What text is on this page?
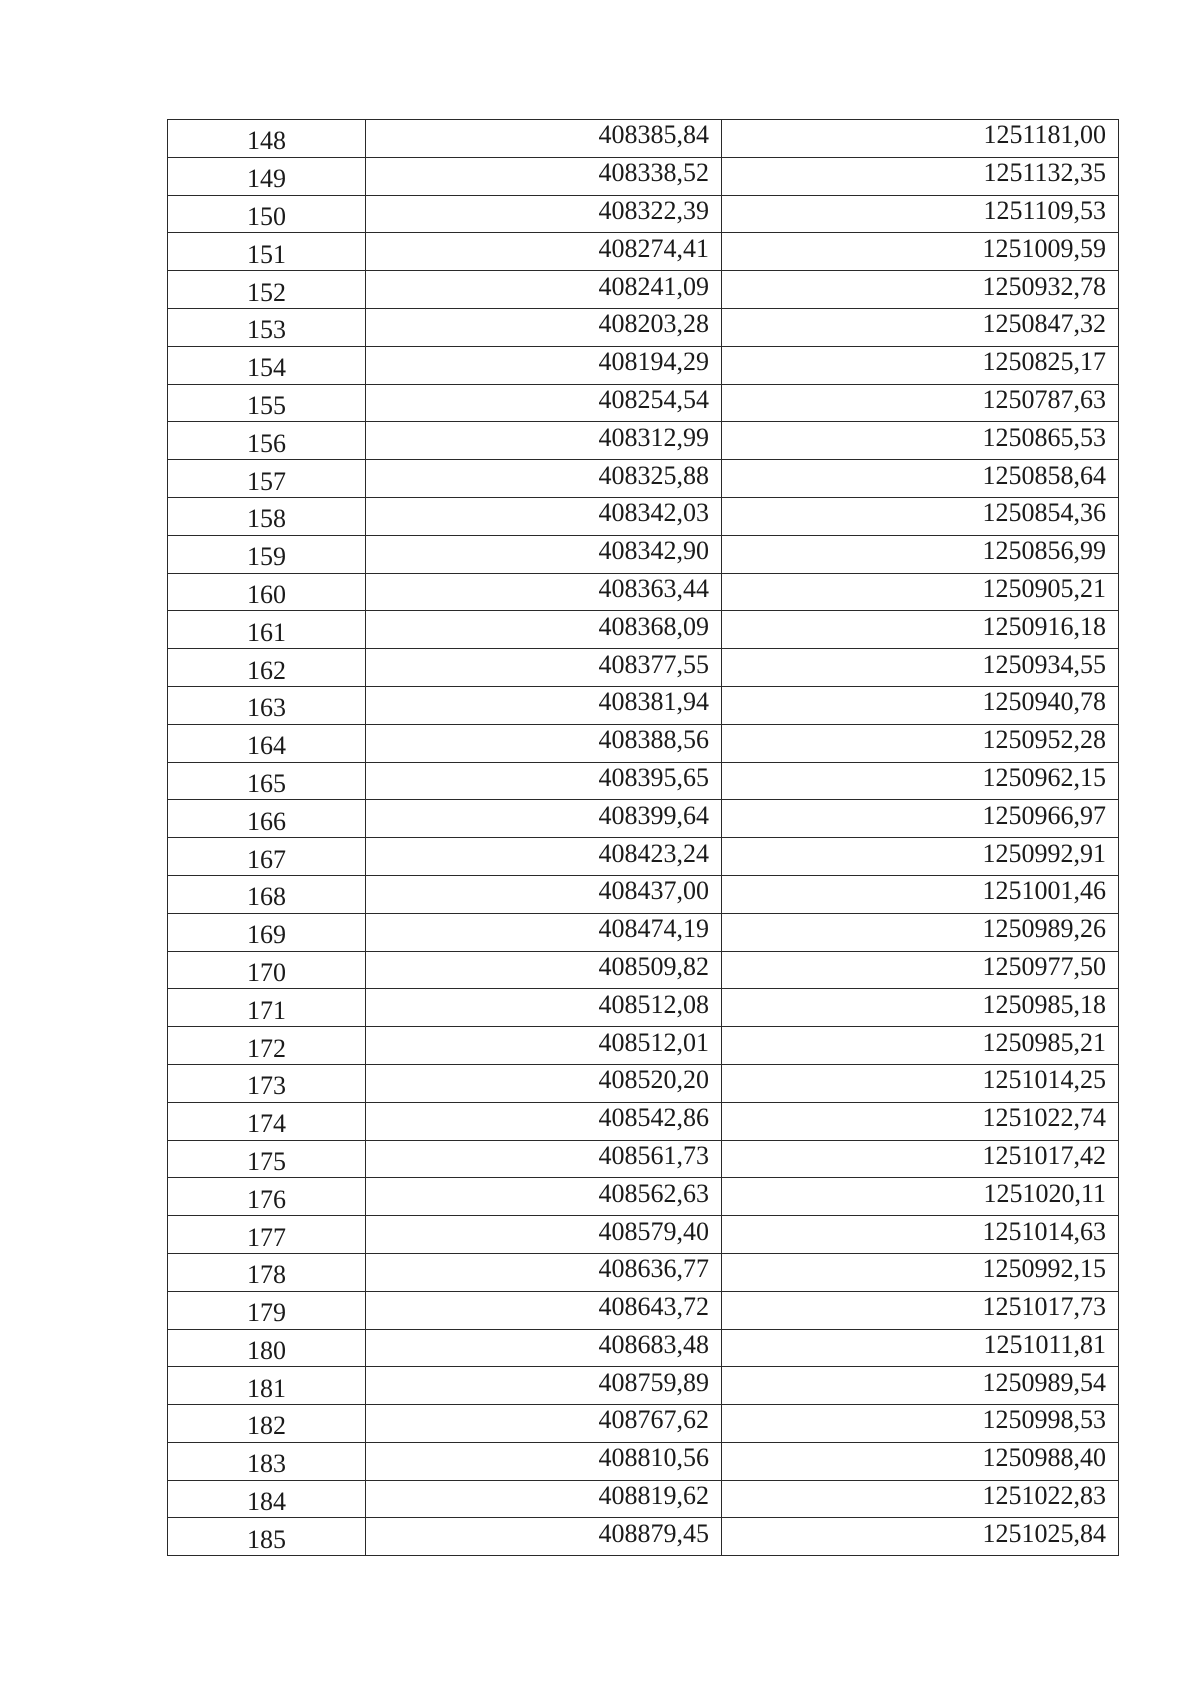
148	408385,84	1251181,00
149	408338,52	1251132,35
150	408322,39	1251109,53
151	408274,41	1251009,59
152	408241,09	1250932,78
153	408203,28	1250847,32
154	408194,29	1250825,17
155	408254,54	1250787,63
156	408312,99	1250865,53
157	408325,88	1250858,64
158	408342,03	1250854,36
159	408342,90	1250856,99
160	408363,44	1250905,21
161	408368,09	1250916,18
162	408377,55	1250934,55
163	408381,94	1250940,78
164	408388,56	1250952,28
165	408395,65	1250962,15
166	408399,64	1250966,97
167	408423,24	1250992,91
168	408437,00	1251001,46
169	408474,19	1250989,26
170	408509,82	1250977,50
171	408512,08	1250985,18
172	408512,01	1250985,21
173	408520,20	1251014,25
174	408542,86	1251022,74
175	408561,73	1251017,42
176	408562,63	1251020,11
177	408579,40	1251014,63
178	408636,77	1250992,15
179	408643,72	1251017,73
180	408683,48	1251011,81
181	408759,89	1250989,54
182	408767,62	1250998,53
183	408810,56	1250988,40
184	408819,62	1251022,83
185	408879,45	1251025,84
